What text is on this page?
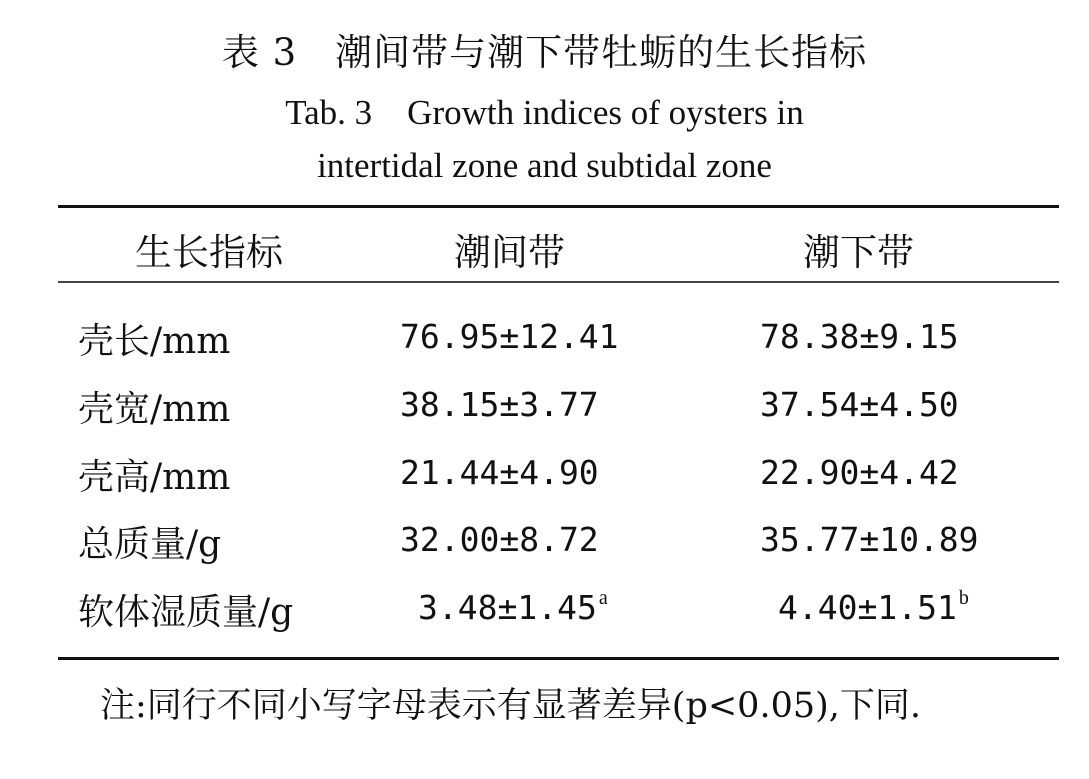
表 3　潮间带与潮下带牡蛎的生长指标
Tab. 3　Growth indices of oysters in
intertidal zone and subtidal zone
生长指标	潮间带	潮下带
壳长/mm	76.95±12.41	78.38±9.15
壳宽/mm	38.15±3.77	37.54±4.50
壳高/mm	21.44±4.90	22.90±4.42
总质量/g	32.00±8.72	35.77±10.89
软体湿质量/g	3.48±1.45 $^a$	4.40±1.51 $^b$
注:同行不同小写字母表示有显著差异(p<0.05),下同.
